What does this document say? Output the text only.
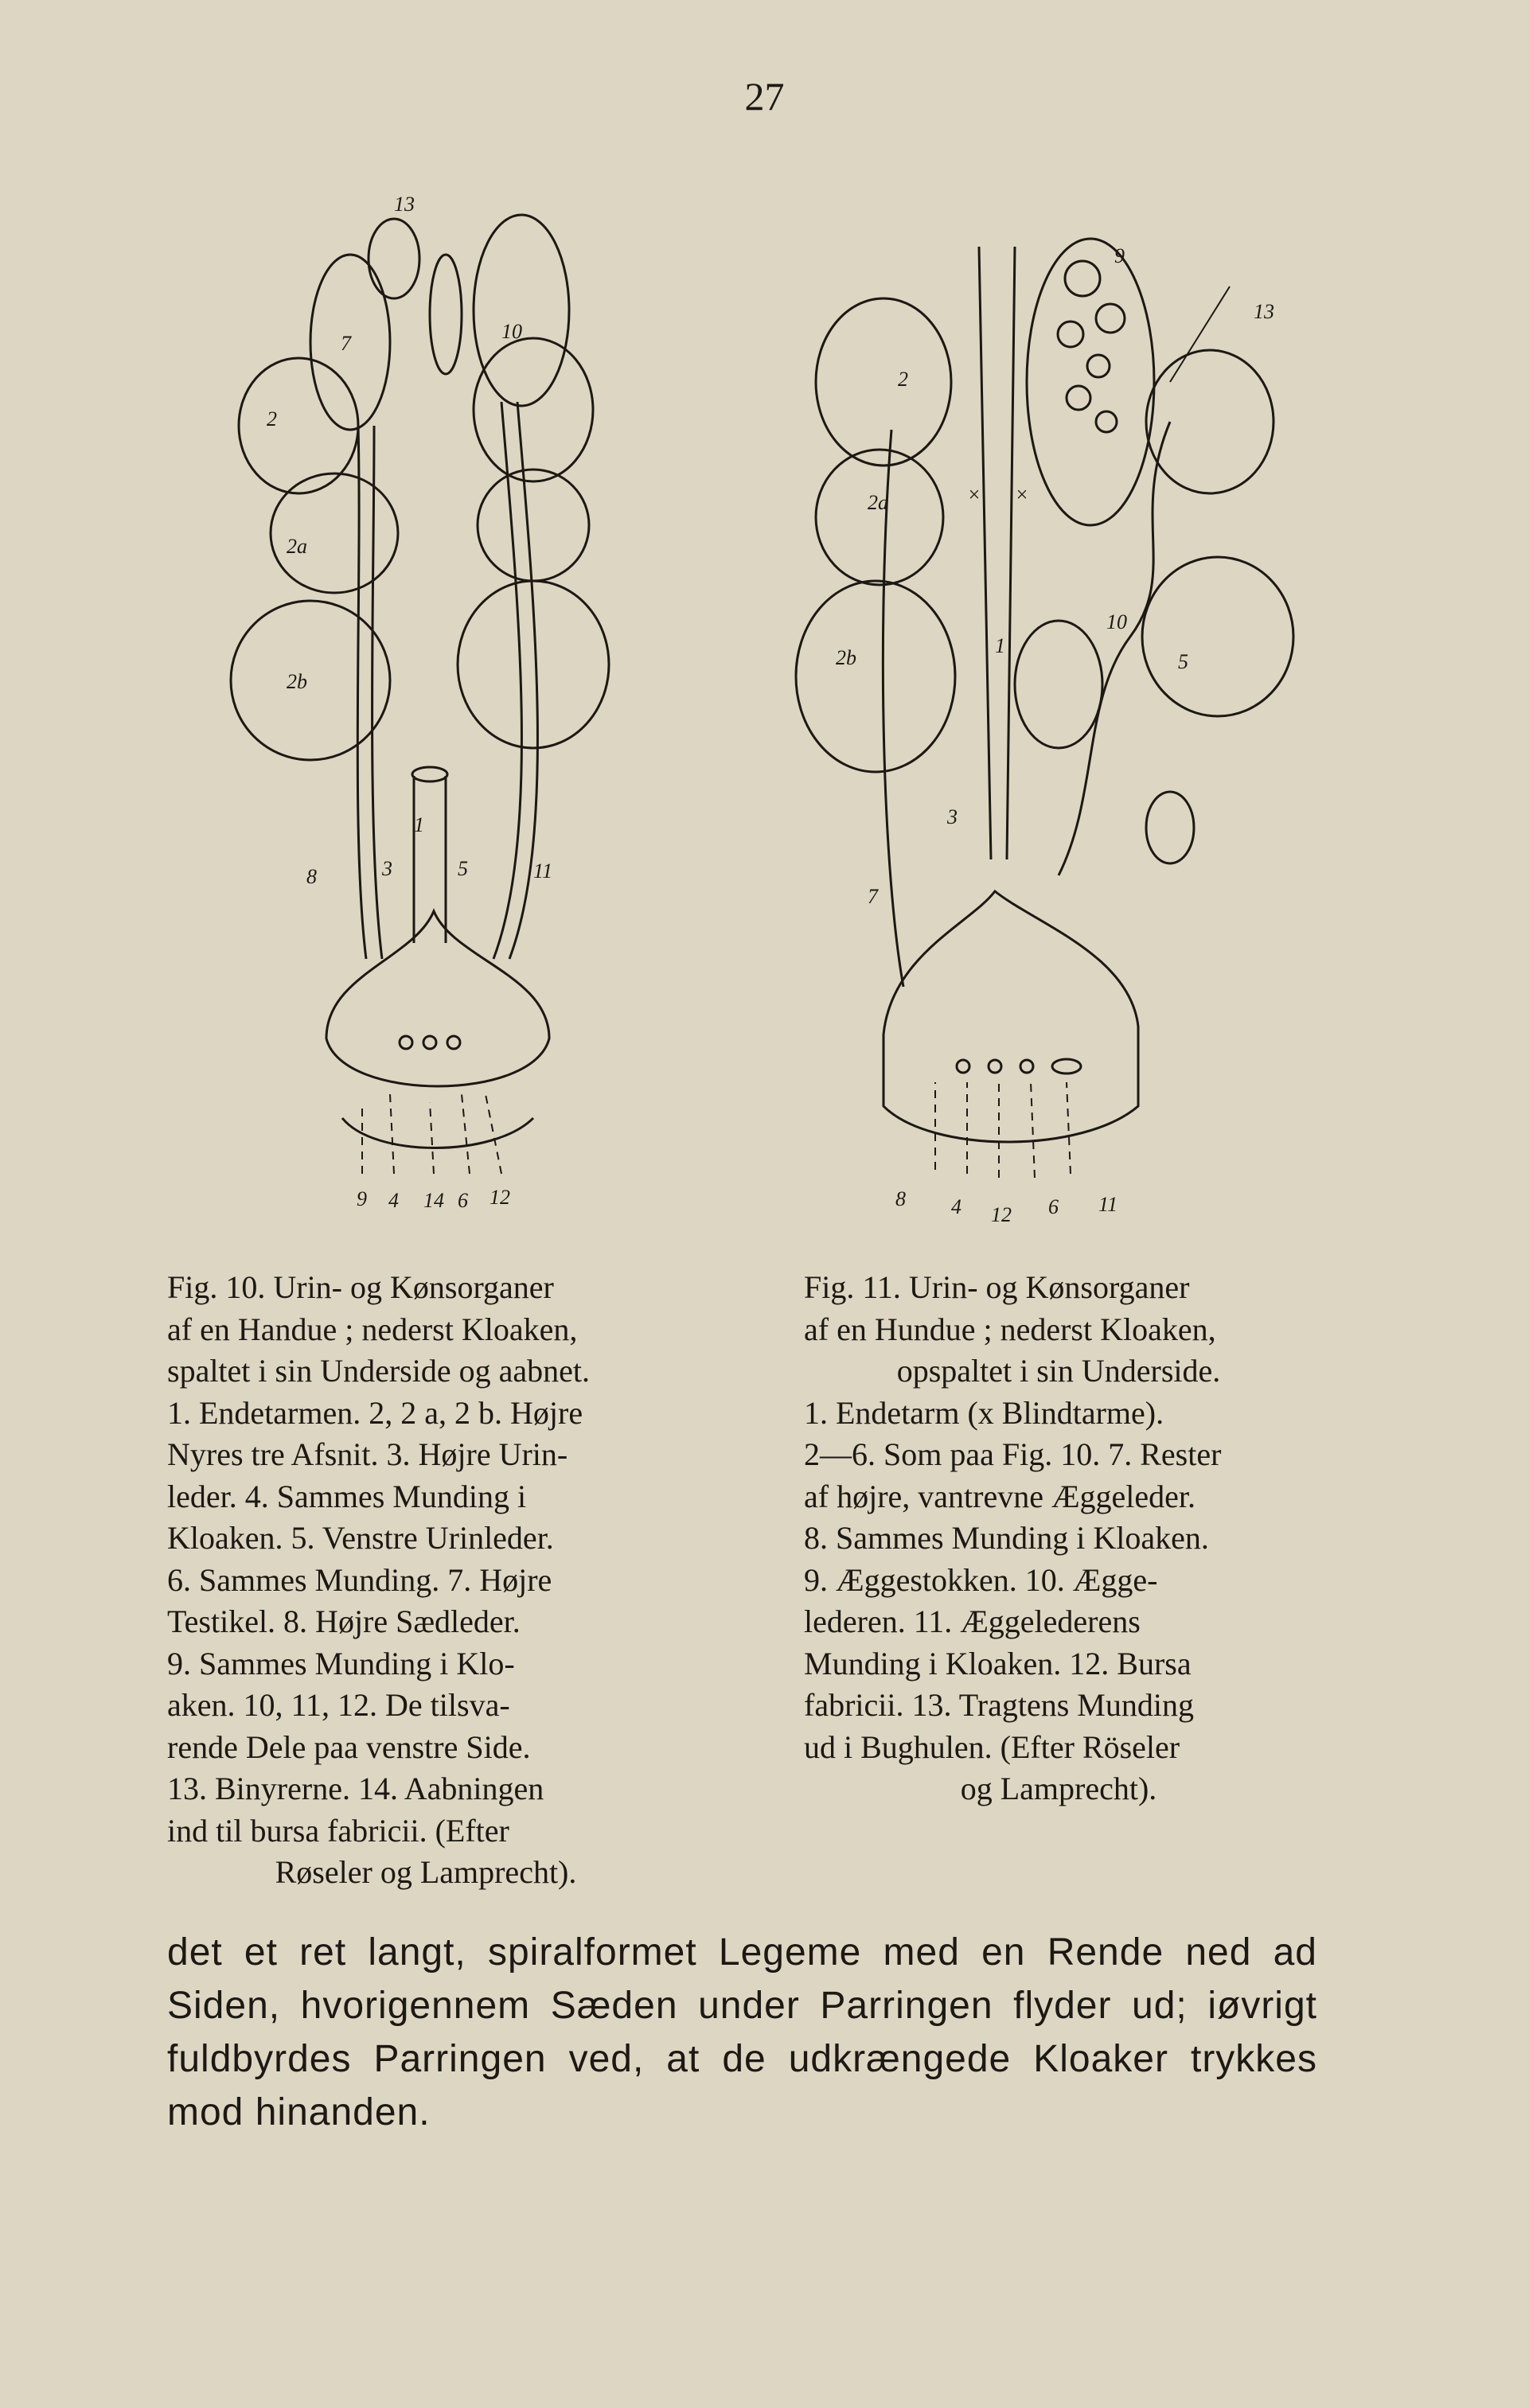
27
13
7
10
2
2a
2b
1
8	3	5	11
9 4 14 6 12
9
13
2
2a
2b
× ×
1
10
5
3
7
8 4 12 6 11

Fig. 10. Urin- og Kønsorganer

af en Handue ; nederst Kloaken,

spaltet i sin Underside og aabnet.

1. Endetarmen. 2, 2 a, 2 b. Højre

Nyres tre Afsnit. 3. Højre Urin-

leder. 4. Sammes Munding i

Kloaken. 5. Venstre Urinleder.

6. Sammes Munding. 7. Højre

Testikel. 8. Højre Sædleder.

9. Sammes Munding i Klo-

aken. 10, 11, 12. De tilsva-

rende Dele paa venstre Side.

13. Binyrerne. 14. Aabningen

ind til bursa fabricii. (Efter

Røseler og Lamprecht).

Fig. 11. Urin- og Kønsorganer

af en Hundue ; nederst Kloaken,

opspaltet i sin Underside.

1. Endetarm (x Blindtarme).

2—6. Som paa Fig. 10. 7. Rester

af højre, vantrevne Æggeleder.

8. Sammes Munding i Kloaken.

9. Æggestokken. 10. Ægge-

lederen. 11. Æggelederens

Munding i Kloaken. 12. Bursa

fabricii. 13. Tragtens Munding

ud i Bughulen. (Efter Röseler

og Lamprecht).

det et ret langt, spiralformet Legeme med en Rende ned ad Siden, hvorigennem Sæden under Parringen flyder ud; iøvrigt fuldbyrdes Parringen ved, at de udkrængede Kloaker trykkes mod hinanden.
